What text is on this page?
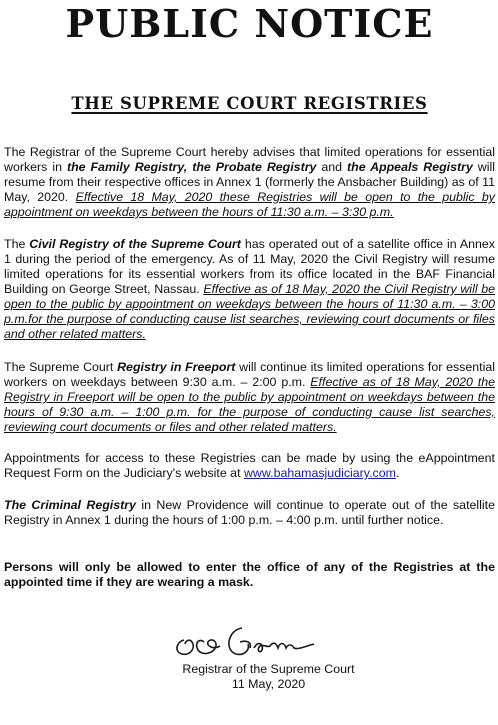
PUBLIC NOTICE
THE SUPREME COURT REGISTRIES

The Registrar of the Supreme Court hereby advises that limited operations for essential workers in the Family Registry, the Probate Registry and the Appeals Registry will resume from their respective offices in Annex 1 (formerly the Ansbacher Building) as of 11 May, 2020. Effective 18 May, 2020 these Registries will be open to the public by appointment on weekdays between the hours of 11:30 a.m. – 3:30 p.m.

The Civil Registry of the Supreme Court has operated out of a satellite office in Annex 1 during the period of the emergency. As of 11 May, 2020 the Civil Registry will resume limited operations for its essential workers from its office located in the BAF Financial Building on George Street, Nassau. Effective as of 18 May, 2020 the Civil Registry will be open to the public by appointment on weekdays between the hours of 11:30 a.m. – 3:00 p.m.for the purpose of conducting cause list searches, reviewing court documents or files and other related matters.

The Supreme Court Registry in Freeport will continue its limited operations for essential workers on weekdays between 9:30 a.m. – 2:00 p.m. Effective as of 18 May, 2020 the Registry in Freeport will be open to the public by appointment on weekdays between the hours of 9:30 a.m. – 1:00 p.m. for the purpose of conducting cause list searches, reviewing court documents or files and other related matters.

Appointments for access to these Registries can be made by using the eAppointment Request Form on the Judiciary's website at www.bahamasjudiciary.com.

The Criminal Registry in New Providence will continue to operate out of the satellite Registry in Annex 1 during the hours of 1:00 p.m. – 4:00 p.m. until further notice.

Persons will only be allowed to enter the office of any of the Registries at the appointed time if they are wearing a mask.

Registrar of the Supreme Court

11 May, 2020
